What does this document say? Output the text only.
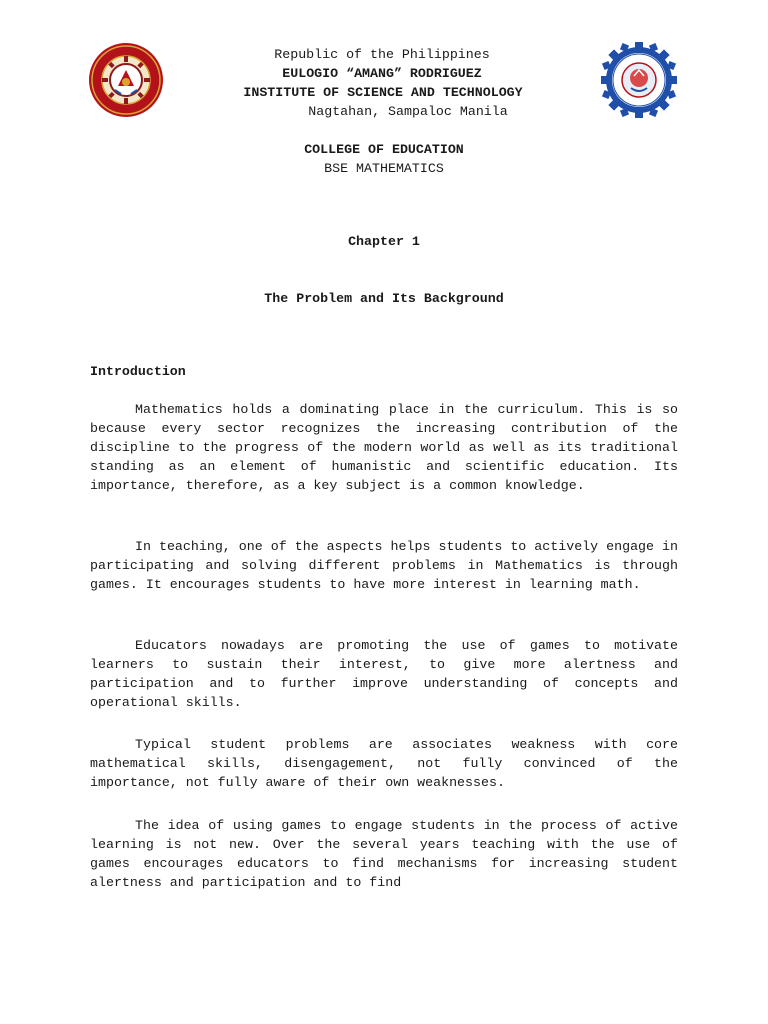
Republic of the Philippines
EULOGIO “AMANG” RODRIGUEZ
INSTITUTE OF SCIENCE AND TECHNOLOGY
Nagtahan, Sampaloc Manila
COLLEGE OF EDUCATION
BSE MATHEMATICS
Chapter 1
The Problem and Its Background
Introduction

Mathematics holds a dominating place in the curriculum. This is so because every sector recognizes the increasing contribution of the discipline to the progress of the modern world as well as its traditional standing as an element of humanistic and scientific education. Its importance, therefore, as a key subject is a common knowledge.

In teaching, one of the aspects helps students to actively engage in participating and solving different problems in Mathematics is through games. It encourages students to have more interest in learning math.

Educators nowadays are promoting the use of games to motivate learners to sustain their interest, to give more alertness and participation and to further improve understanding of concepts and operational skills.

Typical student problems are associates weakness with core mathematical skills, disengagement, not fully convinced of the importance, not fully aware of their own weaknesses.

The idea of using games to engage students in the process of active learning is not new. Over the several years teaching with the use of games encourages educators to find mechanisms for increasing student alertness and participation and to find
